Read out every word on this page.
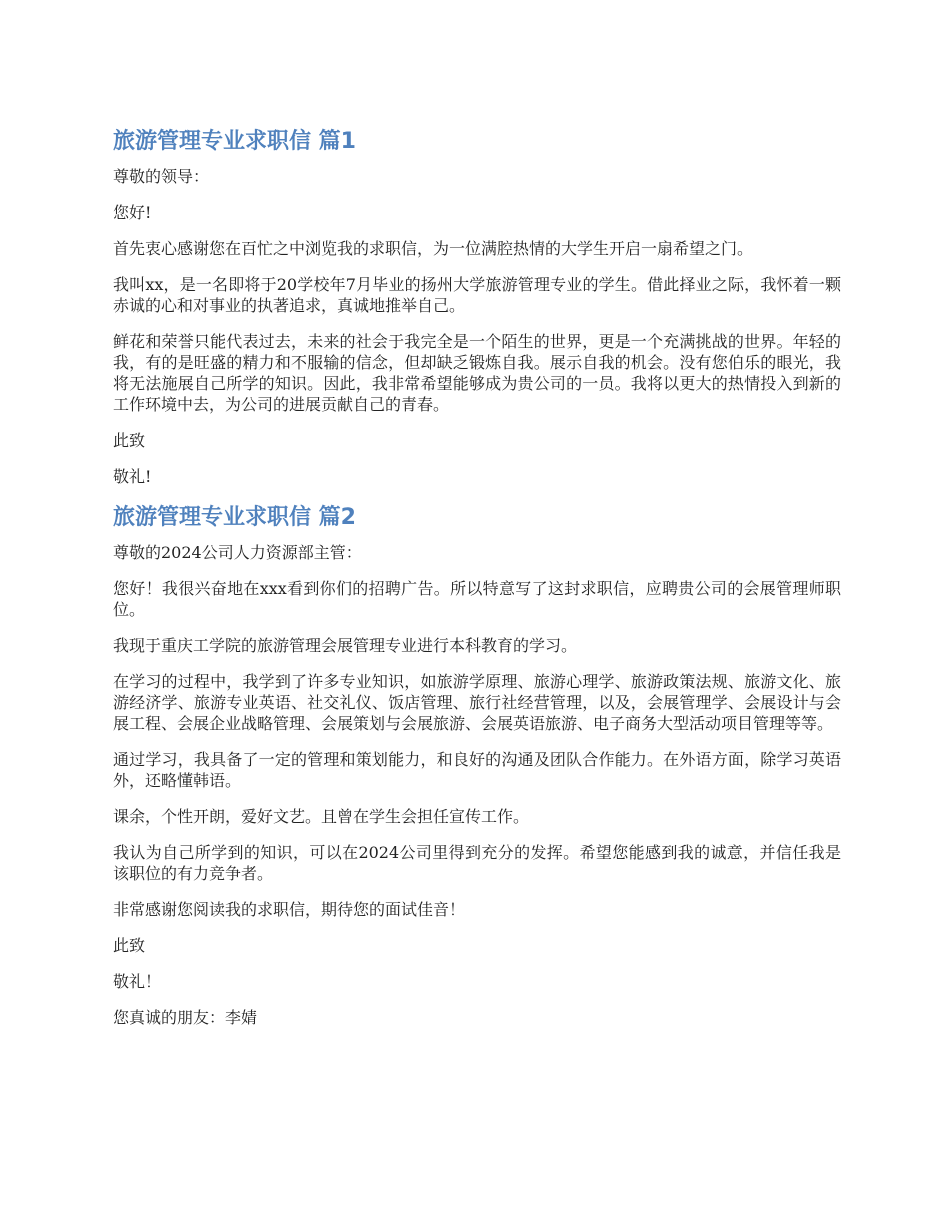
旅游管理专业求职信 篇1

尊敬的领导：

您好!

首先衷心感谢您在百忙之中浏览我的求职信，为一位满腔热情的大学生开启一扇希望之门。

我叫xx，是一名即将于20学校年7月毕业的扬州大学旅游管理专业的学生。借此择业之际，我怀着一颗赤诚的心和对事业的执著追求，真诚地推举自己。

鲜花和荣誉只能代表过去，未来的社会于我完全是一个陌生的世界，更是一个充满挑战的世界。年轻的我，有的是旺盛的精力和不服输的信念，但却缺乏锻炼自我。展示自我的机会。没有您伯乐的眼光，我将无法施展自己所学的知识。因此，我非常希望能够成为贵公司的一员。我将以更大的热情投入到新的工作环境中去，为公司的进展贡献自己的青春。

此致

敬礼!

旅游管理专业求职信 篇2

尊敬的2024公司人力资源部主管：

您好！我很兴奋地在xxx看到你们的招聘广告。所以特意写了这封求职信，应聘贵公司的会展管理师职位。

我现于重庆工学院的旅游管理会展管理专业进行本科教育的学习。

在学习的过程中，我学到了许多专业知识，如旅游学原理、旅游心理学、旅游政策法规、旅游文化、旅游经济学、旅游专业英语、社交礼仪、饭店管理、旅行社经营管理，以及，会展管理学、会展设计与会展工程、会展企业战略管理、会展策划与会展旅游、会展英语旅游、电子商务大型活动项目管理等等。

通过学习，我具备了一定的管理和策划能力，和良好的沟通及团队合作能力。在外语方面，除学习英语外，还略懂韩语。

课余，个性开朗，爱好文艺。且曾在学生会担任宣传工作。

我认为自己所学到的知识，可以在2024公司里得到充分的发挥。希望您能感到我的诚意，并信任我是该职位的有力竞争者。

非常感谢您阅读我的求职信，期待您的面试佳音！

此致

敬礼！

您真诚的朋友：李婧
